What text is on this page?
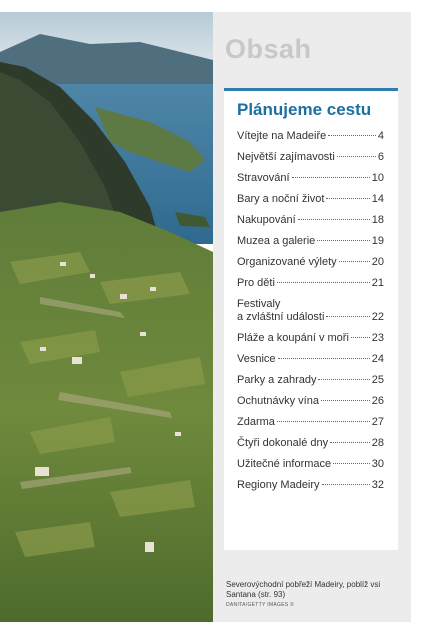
Obsah
Plánujeme cestu
Vítejte na Madeiře	4
Největší zajímavosti	6
Stravování	10
Bary a noční život	14
Nakupování	18
Muzea a galerie	19
Organizované výlety	20
Pro děti	21
Festivaly
a zvláštní události	22
Pláže a koupání v moři 23
Vesnice	24
Parky a zahrady	25
Ochutnávky vína	26
Zdarma	27
Čtyři dokonalé dny	28
Užitečné informace	30
Regiony Madeiry	32

Severovýchodní pobřeží Madeiry, poblíž vsi Santana (str. 93)

DANITA/GETTY IMAGES ©
